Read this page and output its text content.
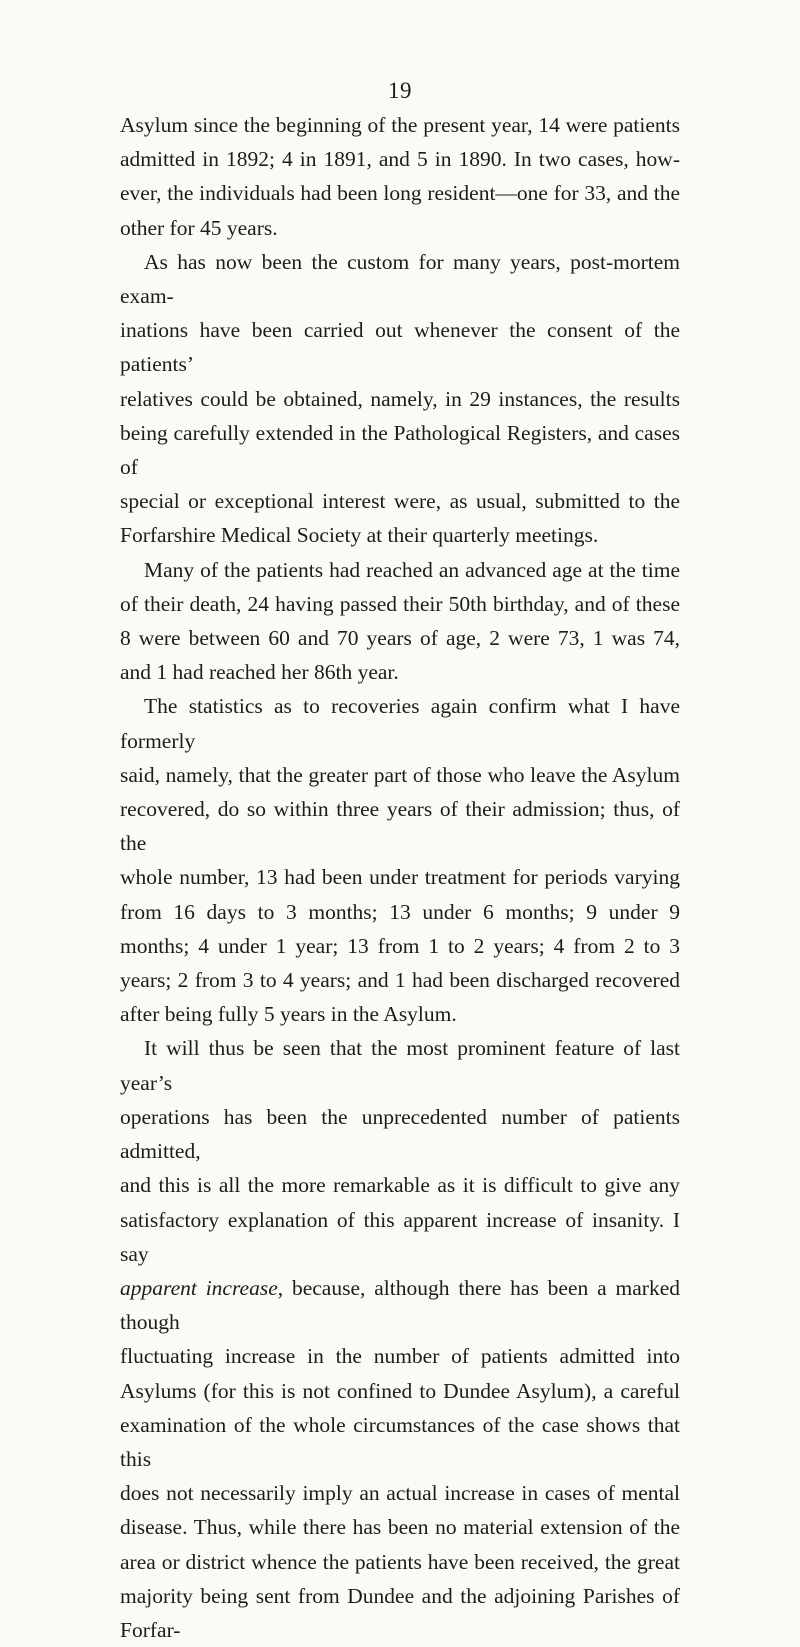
19

Asylum since the beginning of the present year, 14 were patients
admitted in 1892; 4 in 1891, and 5 in 1890. In two cases, how-
ever, the individuals had been long resident—one for 33, and the
other for 45 years.

As has now been the custom for many years, post-mortem exam-
inations have been carried out whenever the consent of the patients’
relatives could be obtained, namely, in 29 instances, the results
being carefully extended in the Pathological Registers, and cases of
special or exceptional interest were, as usual, submitted to the
Forfarshire Medical Society at their quarterly meetings.

Many of the patients had reached an advanced age at the time
of their death, 24 having passed their 50th birthday, and of these
8 were between 60 and 70 years of age, 2 were 73, 1 was 74,
and 1 had reached her 86th year.

The statistics as to recoveries again confirm what I have formerly
said, namely, that the greater part of those who leave the Asylum
recovered, do so within three years of their admission; thus, of the
whole number, 13 had been under treatment for periods varying
from 16 days to 3 months; 13 under 6 months; 9 under 9
months; 4 under 1 year; 13 from 1 to 2 years; 4 from 2 to 3
years; 2 from 3 to 4 years; and 1 had been discharged recovered
after being fully 5 years in the Asylum.

It will thus be seen that the most prominent feature of last year’s
operations has been the unprecedented number of patients admitted,
and this is all the more remarkable as it is difficult to give any
satisfactory explanation of this apparent increase of insanity. I say
apparent increase, because, although there has been a marked though
fluctuating increase in the number of patients admitted into
Asylums (for this is not confined to Dundee Asylum), a careful
examination of the whole circumstances of the case shows that this
does not necessarily imply an actual increase in cases of mental
disease. Thus, while there has been no material extension of the
area or district whence the patients have been received, the great
majority being sent from Dundee and the adjoining Parishes of Forfar-
